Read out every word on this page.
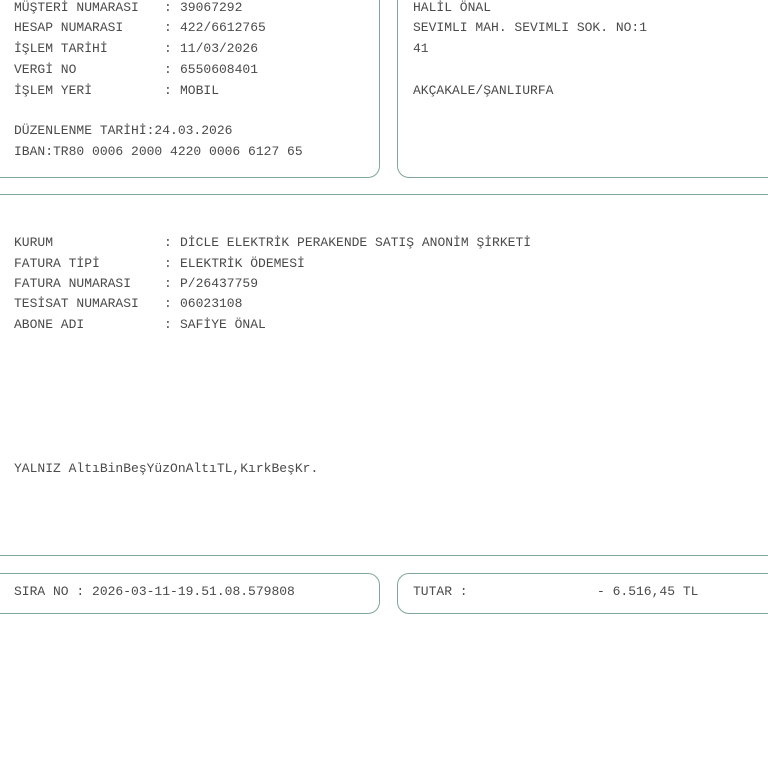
MÜŞTERİ NUMARASI : 39067292
HESAP NUMARASI	: 422/6612765
İŞLEM TARİHİ	: 11/03/2026
VERGİ NO	: 6550608401
İŞLEM YERİ	: MOBIL
DÜZENLENME TARİHİ:24.03.2026
IBAN:TR80 0006 2000 4220 0006 6127 65
HALİL ÖNAL
SEVIMLI MAH. SEVIMLI SOK. NO:1
41
AKÇAKALE/ŞANLIURFA
KURUM	: DİCLE ELEKTRİK PERAKENDE SATIŞ ANONİM ŞİRKETİ
FATURA TİPİ	: ELEKTRİK ÖDEMESİ
FATURA NUMARASI	: P/26437759
TESİSAT NUMARASI : 06023108
ABONE ADI	: SAFİYE ÖNAL
YALNIZ AltıBinBeşYüzOnAltıTL,KırkBeşKr.
SIRA NO : 2026-03-11-19.51.08.579808	TUTAR :	- 6.516,45 TL
